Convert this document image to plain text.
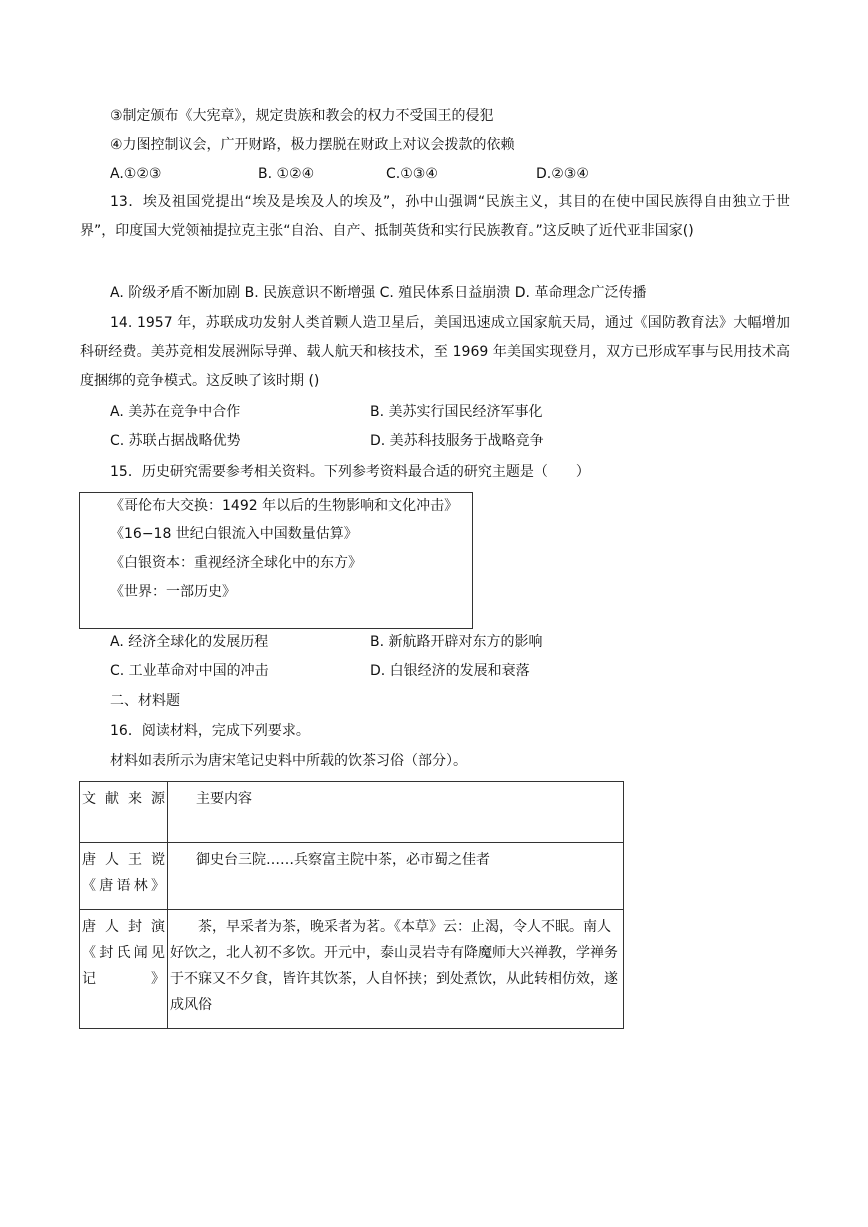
③制定颁布《大宪章》，规定贵族和教会的权力不受国王的侵犯
④力图控制议会，广开财路，极力摆脱在财政上对议会拨款的依赖
A.①②③	B. ①②④	C.①③④	D.②③④
13．埃及祖国党提出“埃及是埃及人的埃及”，孙中山强调“民族主义，其目的在使中国民族得自由独立于世界”，印度国大党领袖提拉克主张“自治、自产、抵制英货和实行民族教育。”这反映了近代亚非国家()
A. 阶级矛盾不断加剧 B. 民族意识不断增强 C. 殖民体系日益崩溃 D. 革命理念广泛传播
14. 1957 年，苏联成功发射人类首颗人造卫星后，美国迅速成立国家航天局，通过《国防教育法》大幅增加科研经费。美苏竞相发展洲际导弹、载人航天和核技术，至 1969 年美国实现登月，双方已形成军事与民用技术高度捆绑的竞争模式。这反映了该时期 ()
A. 美苏在竞争中合作	B. 美苏实行国民经济军事化
C. 苏联占据战略优势	D. 美苏科技服务于战略竞争
15．历史研究需要参考相关资料。下列参考资料最合适的研究主题是（　　）
《哥伦布大交换：1492 年以后的生物影响和文化冲击》
《16−18 世纪白银流入中国数量估算》
《白银资本：重视经济全球化中的东方》
《世界：一部历史》
A. 经济全球化的发展历程	B. 新航路开辟对东方的影响
C. 工业革命对中国的冲击	D. 白银经济的发展和衰落
二、材料题
16．阅读材料，完成下列要求。
材料如表所示为唐宋笔记史料中所载的饮茶习俗（部分）。
文献来源	主要内容
唐人王谠《唐语林》	御史台三院……兵察富主院中茶，必市蜀之佳者
唐人封演《封氏闻见记》	茶，早采者为茶，晚采者为茗。《本草》云：止渴，令人不眠。南人好饮之，北人初不多饮。开元中，泰山灵岩寺有降魔师大兴禅教，学禅务于不寐又不夕食，皆许其饮茶，人自怀挟；到处煮饮，从此转相仿效，遂成风俗
